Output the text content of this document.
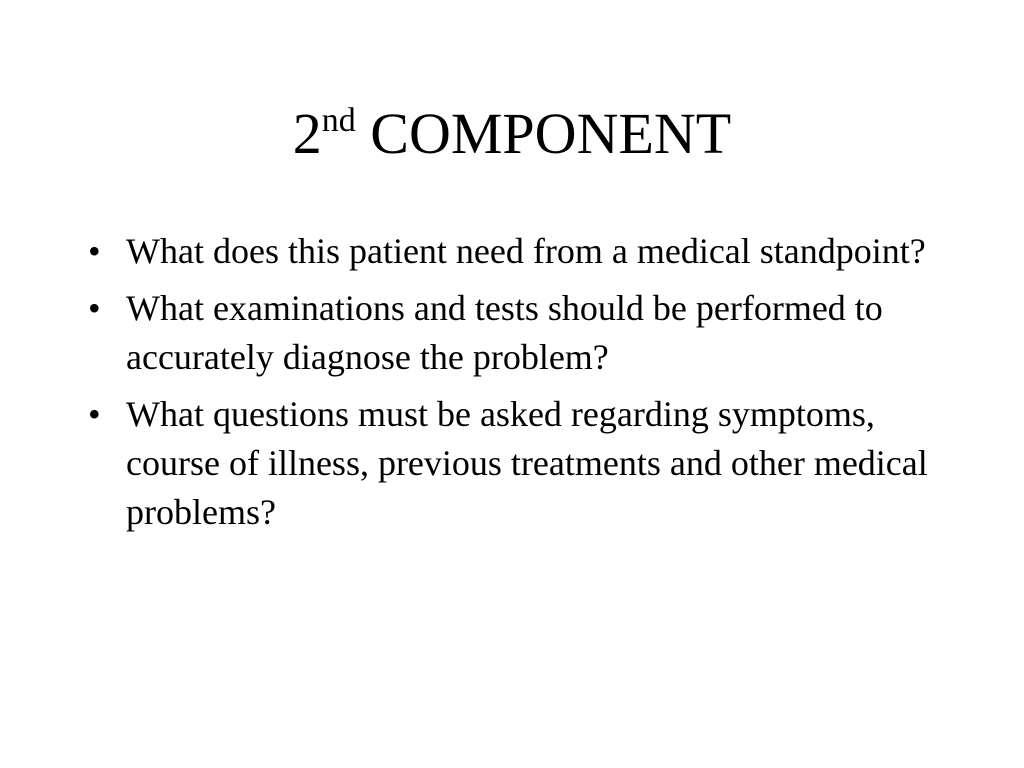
2nd COMPONENT
• What does this patient need from a medical standpoint?
• What examinations and tests should be performed to accurately diagnose the problem?
• What questions must be asked regarding symptoms, course of illness, previous treatments and other medical problems?
